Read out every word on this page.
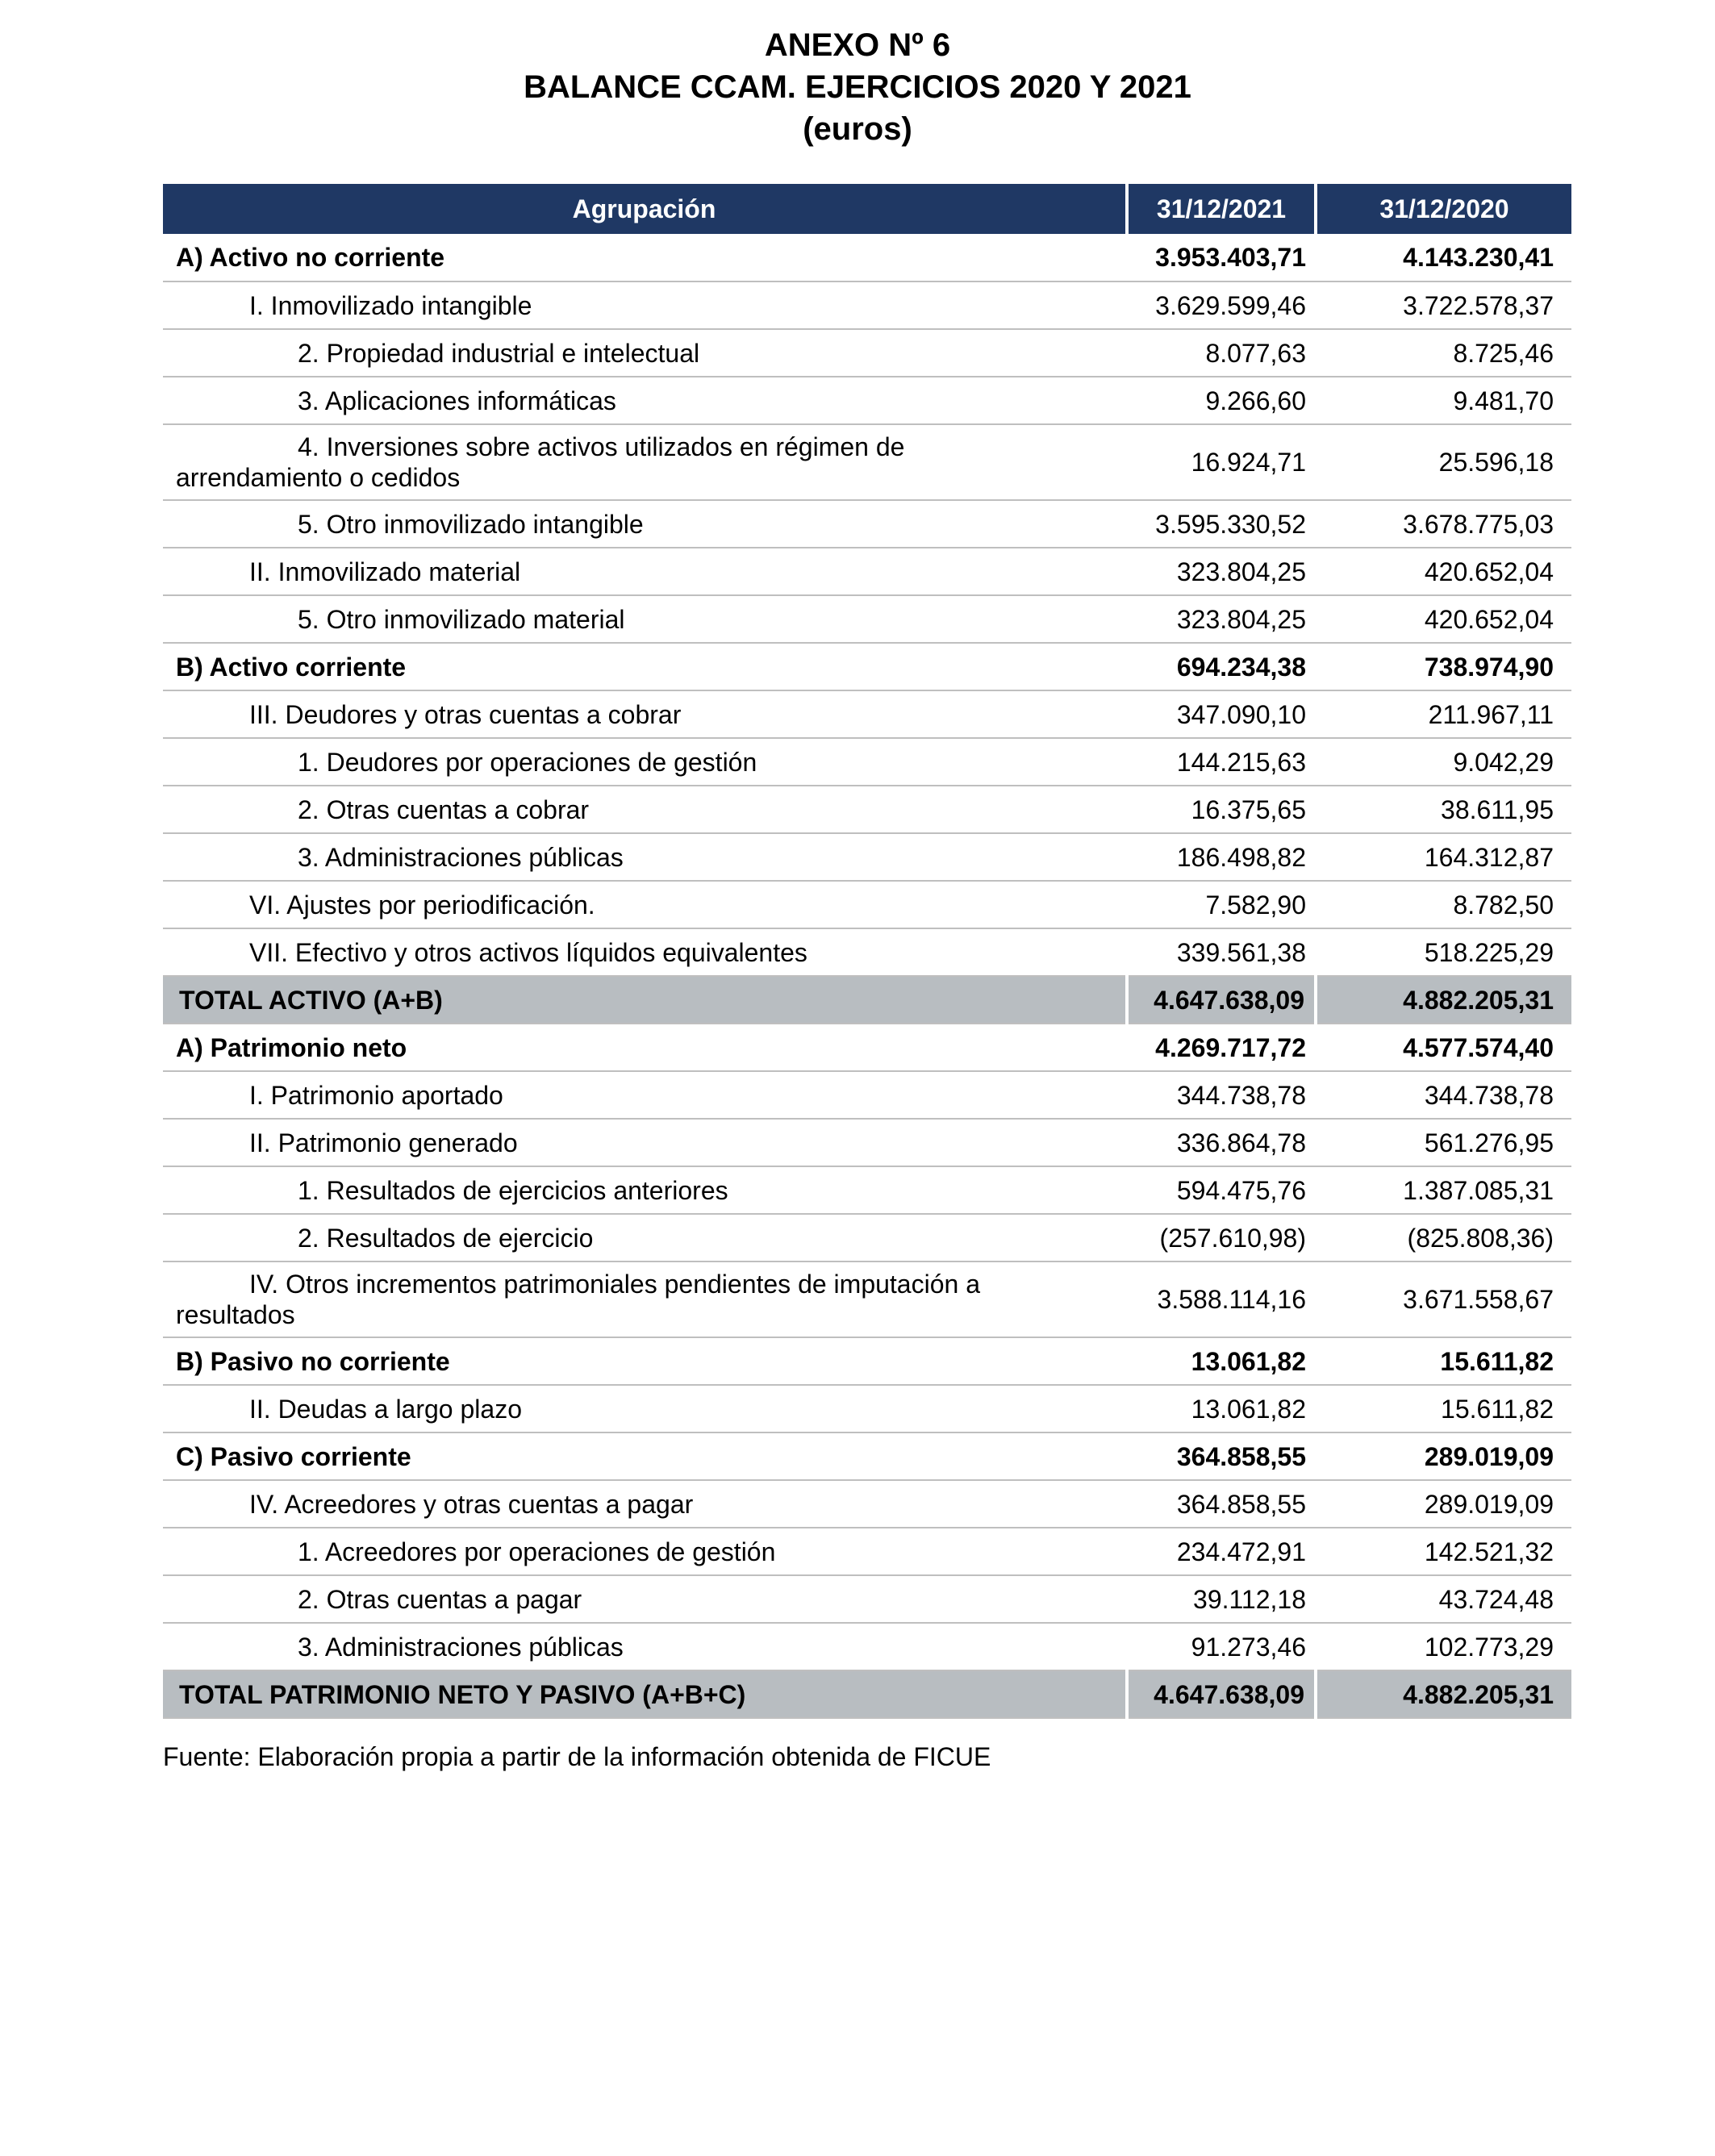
ANEXO Nº 6
BALANCE CCAM. EJERCICIOS 2020 Y 2021
(euros)
Agrupación	31/12/2021	31/12/2020
A) Activo no corriente	3.953.403,71	4.143.230,41
I. Inmovilizado intangible	3.629.599,46	3.722.578,37
2. Propiedad industrial e intelectual	8.077,63	8.725,46
3. Aplicaciones informáticas	9.266,60	9.481,70
4. Inversiones sobre activos utilizados en régimen de arrendamiento o cedidos	16.924,71	25.596,18
5. Otro inmovilizado intangible	3.595.330,52	3.678.775,03
II. Inmovilizado material	323.804,25	420.652,04
5. Otro inmovilizado material	323.804,25	420.652,04
B) Activo corriente	694.234,38	738.974,90
III. Deudores y otras cuentas a cobrar	347.090,10	211.967,11
1. Deudores por operaciones de gestión	144.215,63	9.042,29
2. Otras cuentas a cobrar	16.375,65	38.611,95
3. Administraciones públicas	186.498,82	164.312,87
VI. Ajustes por periodificación.	7.582,90	8.782,50
VII. Efectivo y otros activos líquidos equivalentes	339.561,38	518.225,29
TOTAL ACTIVO (A+B)	4.647.638,09	4.882.205,31
A) Patrimonio neto	4.269.717,72	4.577.574,40
I. Patrimonio aportado	344.738,78	344.738,78
II. Patrimonio generado	336.864,78	561.276,95
1. Resultados de ejercicios anteriores	594.475,76	1.387.085,31
2. Resultados de ejercicio	(257.610,98)	(825.808,36)
IV. Otros incrementos patrimoniales pendientes de imputación a resultados	3.588.114,16	3.671.558,67
B) Pasivo no corriente	13.061,82	15.611,82
II. Deudas a largo plazo	13.061,82	15.611,82
C) Pasivo corriente	364.858,55	289.019,09
IV. Acreedores y otras cuentas a pagar	364.858,55	289.019,09
1. Acreedores por operaciones de gestión	234.472,91	142.521,32
2. Otras cuentas a pagar	39.112,18	43.724,48
3. Administraciones públicas	91.273,46	102.773,29
TOTAL PATRIMONIO NETO Y PASIVO (A+B+C)	4.647.638,09	4.882.205,31
Fuente: Elaboración propia a partir de la información obtenida de FICUE
